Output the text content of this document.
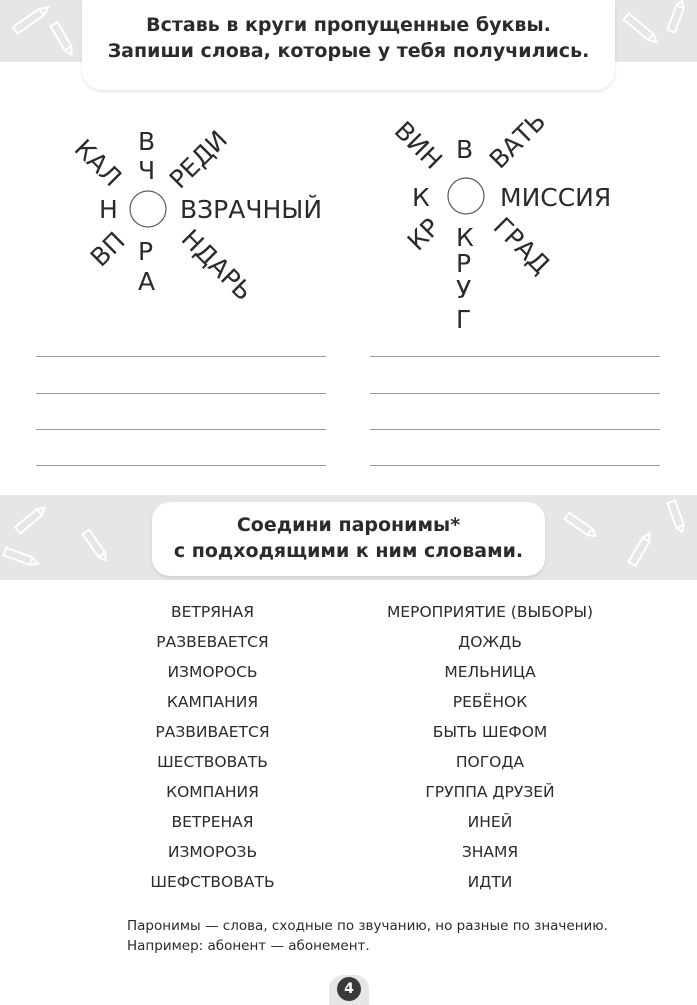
Вставь в круги пропущенные буквы.
Запиши слова, которые у тебя получились.
В
Ч
Н ВЗРАЧНЫЙ
Р
А
КАЛ РЕДИ
ВП НДАРЬ
В
К	МИССИЯ
К
Р
У
Г
ВИН ВАТЬ
КР ГРАД
Соедини паронимы*
с подходящими к ним словами.
ВЕТРЯНАЯ
РАЗВЕВАЕТСЯ
ИЗМОРОСЬ
КАМПАНИЯ
РАЗВИВАЕТСЯ
ШЕСТВОВАТЬ
КОМПАНИЯ
ВЕТРЕНАЯ
ИЗМОРОЗЬ
ШЕФСТВОВАТЬ
МЕРОПРИЯТИЕ (ВЫБОРЫ)
ДОЖДЬ
МЕЛЬНИЦА
РЕБЁНОК
БЫТЬ ШЕФОМ
ПОГОДА
ГРУППА ДРУЗЕЙ
ИНЕЙ
ЗНАМЯ
ИДТИ
Паронимы — слова, сходные по звучанию, но разные по значению.
Например: абонент — абонемент.
4
